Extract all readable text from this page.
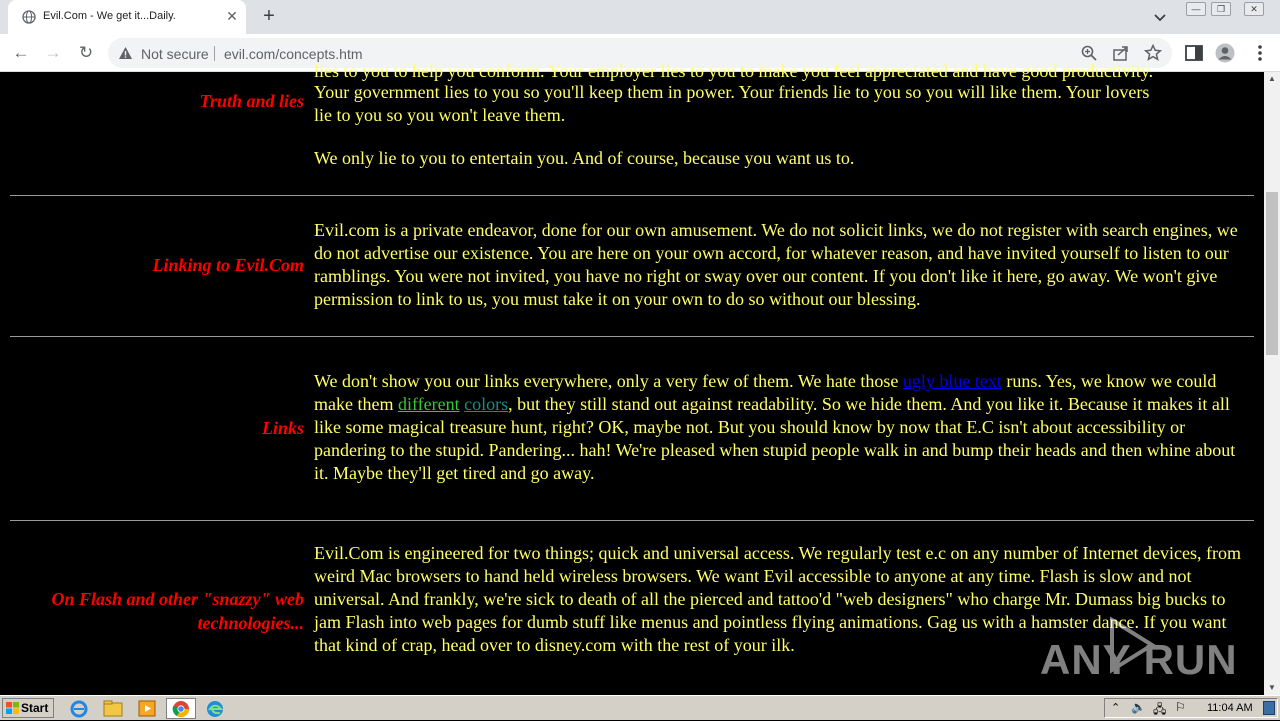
Evil.Com - We get it...Daily.	✕ +	—	❐	✕
← → ↻	Not secure evil.com/concepts.htm
lies to you to help you conform. Your employer lies to you to make you feel appreciated and have good productivity.
Truth and lies Your government lies to you so you'll keep them in power. Your friends lie to you so you will like them. Your lovers
lie to you so you won't leave them.
We only lie to you to entertain you. And of course, because you want us to.
Linking to Evil.Com
Evil.com is a private endeavor, done for our own amusement. We do not solicit links, we do not register with search engines, we do not advertise our existence. You are here on your own accord, for whatever reason, and have invited yourself to listen to our ramblings. You were not invited, you have no right or sway over our content. If you don't like it here, go away. We won't give permission to link to us, you must take it on your own to do so without our blessing.
Links
We don't show you our links everywhere, only a very few of them. We hate those ugly blue text runs. Yes, we know we could make them different colors, but they still stand out against readability. So we hide them. And you like it. Because it makes it all like some magical treasure hunt, right? OK, maybe not. But you should know by now that E.C isn't about accessibility or pandering to the stupid. Pandering... hah! We're pleased when stupid people walk in and bump their heads and then whine about it. Maybe they'll get tired and go away.
On Flash and other "snazzy" web
technologies...
Evil.Com is engineered for two things; quick and universal access. We regularly test e.c on any number of Internet devices, from weird Mac browsers to hand held wireless browsers. We want Evil accessible to anyone at any time. Flash is slow and not universal. And frankly, we're sick to death of all the pierced and tattoo'd "web designers" who charge Mr. Dumass big bucks to jam Flash into web pages for dumb stuff like menus and pointless flying animations. Gag us with a hamster dance. If you want that kind of crap, head over to disney.com with the rest of your ilk.	ANY RUN
▲
▼
Start	⌃ 🔈 🖧 ⚐ 11:04 AM
